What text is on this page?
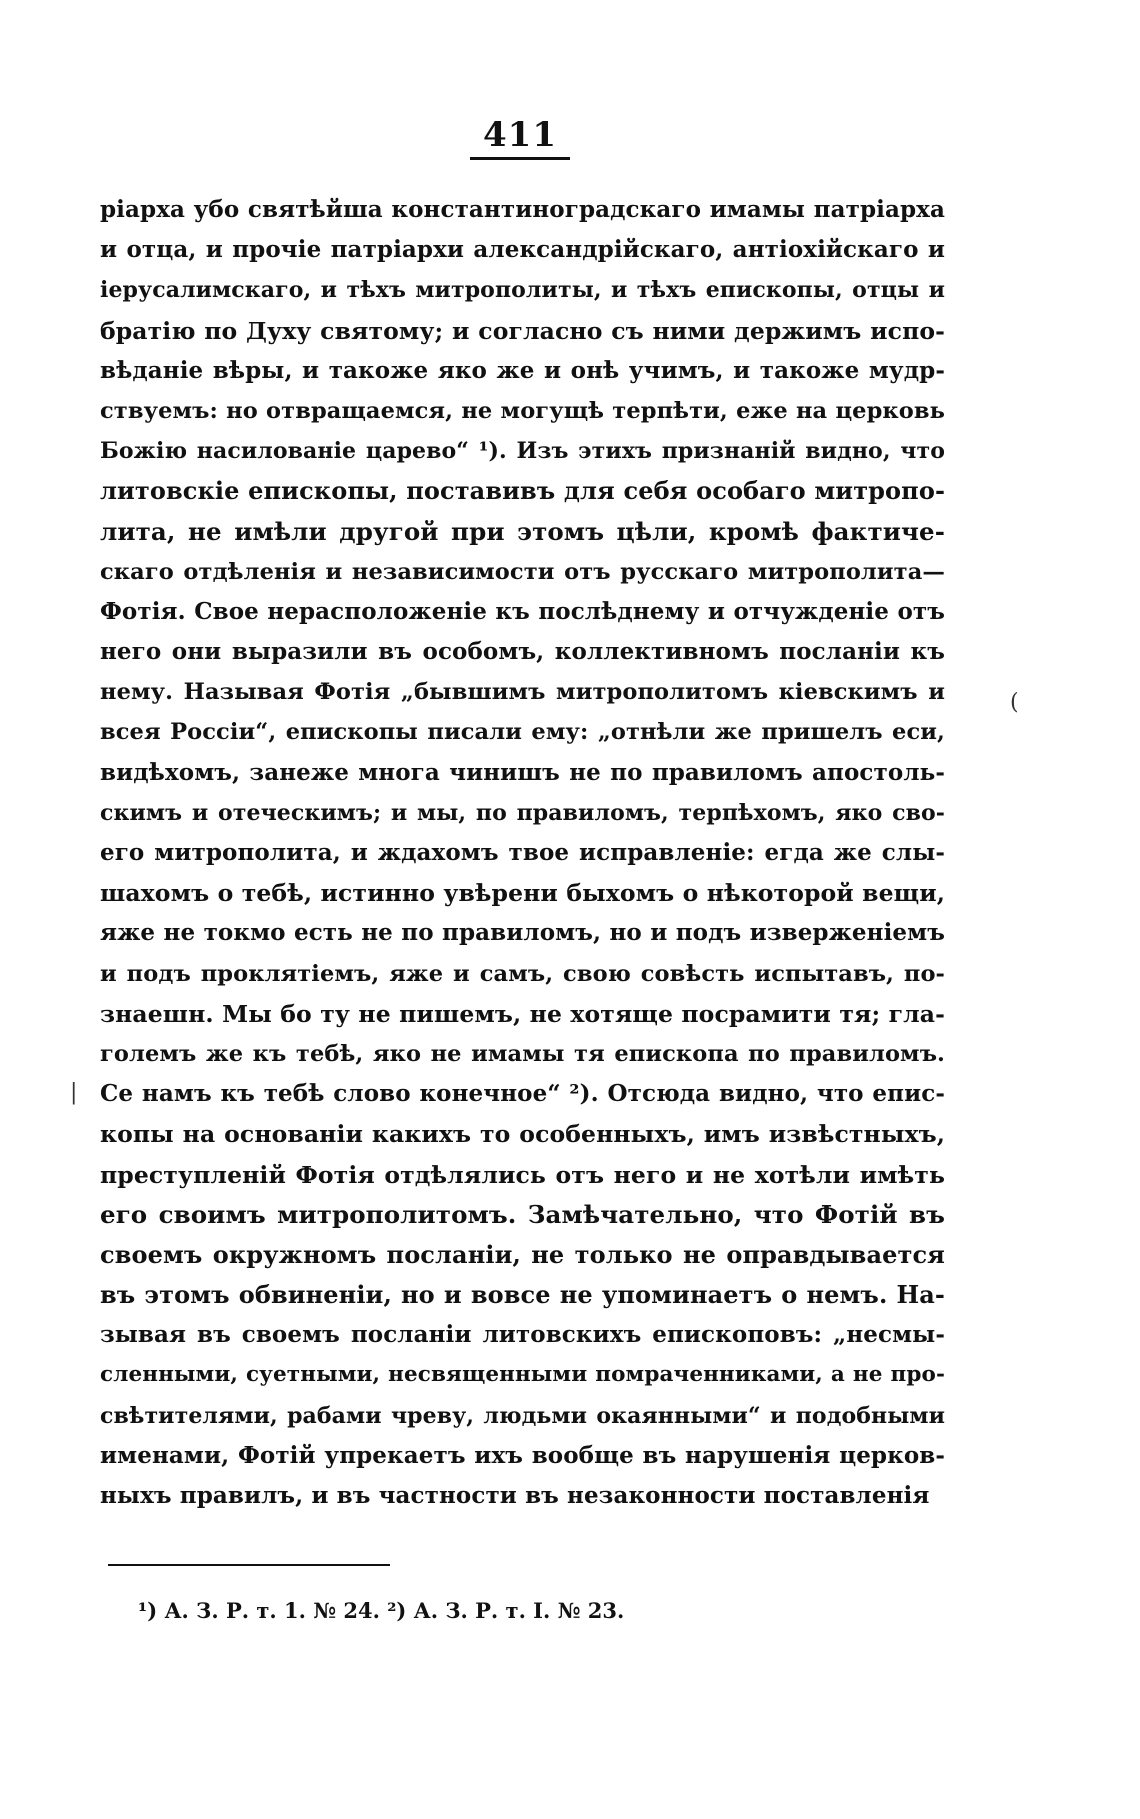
411
(
|
ріарха убо святѣйша константиноградскаго имамы патріарха
и отца, и прочіе патріархи александрійскаго, антіохійскаго и
іерусалимскаго, и тѣхъ митрополиты, и тѣхъ епископы, отцы и
братію по Духу святому; и согласно съ ними держимъ испо-
вѣданіе вѣры, и такоже яко же и онѣ учимъ, и такоже мудр-
ствуемъ: но отвращаемся, не могущѣ терпѣти, еже на церковь
Божію насилованіе царево“ ¹). Изъ этихъ признаній видно, что
литовскіе епископы, поставивъ для себя особаго митропо-
лита, не имѣли другой при этомъ цѣли, кромѣ фактиче-
скаго отдѣленія и независимости отъ русскаго митрополита—
Фотія. Свое нерасположеніе къ послѣднему и отчужденіе отъ
него они выразили въ особомъ, коллективномъ посланіи къ
нему. Называя Фотія „бывшимъ митрополитомъ кіевскимъ и
всея Россіи“, епископы писали ему: „отнѣли же пришелъ еси,
видѣхомъ, занеже многа чинишъ не по правиломъ апостоль-
скимъ и отеческимъ; и мы, по правиломъ, терпѣхомъ, яко сво-
его митрополита, и ждахомъ твое исправленіе: егда же слы-
шахомъ о тебѣ, истинно увѣрени быхомъ о нѣкоторой вещи,
яже не токмо есть не по правиломъ, но и подъ изверженіемъ
и подъ проклятіемъ, яже и самъ, свою совѣсть испытавъ, по-
знаешн. Мы бо ту не пишемъ, не хотяще посрамити тя; гла-
големъ же къ тебѣ, яко не имамы тя епископа по правиломъ.
Се намъ къ тебѣ слово конечное“ ²). Отсюда видно, что епис-
копы на основаніи какихъ то особенныхъ, имъ извѣстныхъ,
преступленій Фотія отдѣлялись отъ него и не хотѣли имѣть
его своимъ митрополитомъ. Замѣчательно, что Фотій въ
своемъ окружномъ посланіи, не только не оправдывается
въ этомъ обвиненіи, но и вовсе не упоминаетъ о немъ. На-
зывая въ своемъ посланіи литовскихъ епископовъ: „несмы-
сленными, суетными, несвященными помраченниками, а не про-
свѣтителями, рабами чреву, людьми окаянными“ и подобными
именами, Фотій упрекаетъ ихъ вообще въ нарушенія церков-
ныхъ правилъ, и въ частности въ незаконности поставленія
¹) А. З. Р. т. 1. № 24. ²) А. З. Р. т. І. № 23.
